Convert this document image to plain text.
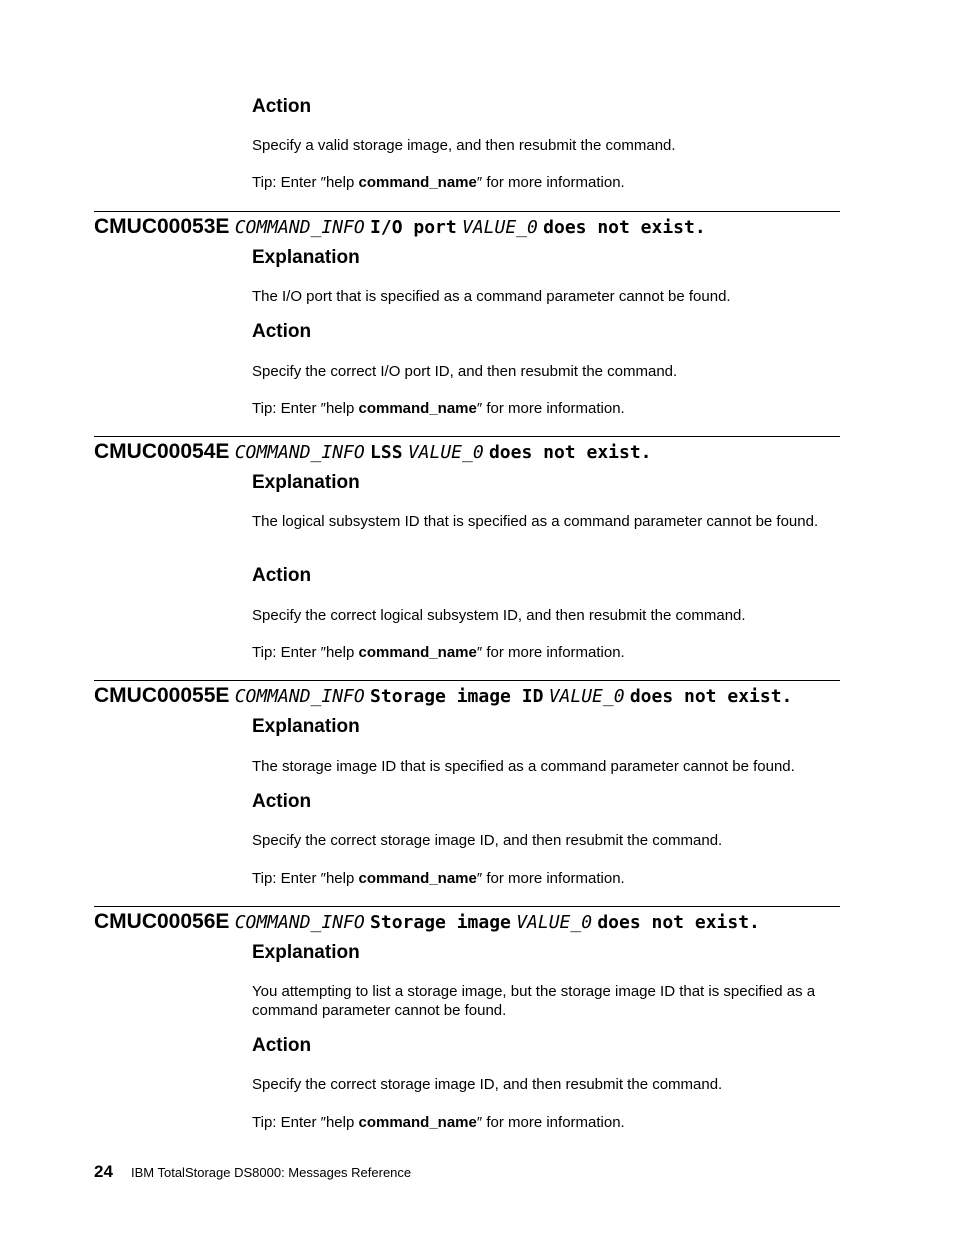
Action
Specify a valid storage image, and then resubmit the command.
Tip: Enter ″help command_name″ for more information.
CMUC00053E COMMAND_INFO I/O port VALUE_0 does not exist.
Explanation
The I/O port that is specified as a command parameter cannot be found.
Action
Specify the correct I/O port ID, and then resubmit the command.
Tip: Enter ″help command_name″ for more information.
CMUC00054E COMMAND_INFO LSS VALUE_0 does not exist.
Explanation
The logical subsystem ID that is specified as a command parameter cannot be found.
Action
Specify the correct logical subsystem ID, and then resubmit the command.
Tip: Enter ″help command_name″ for more information.
CMUC00055E COMMAND_INFO Storage image ID VALUE_0 does not exist.
Explanation
The storage image ID that is specified as a command parameter cannot be found.
Action
Specify the correct storage image ID, and then resubmit the command.
Tip: Enter ″help command_name″ for more information.
CMUC00056E COMMAND_INFO Storage image VALUE_0 does not exist.
Explanation
You attempting to list a storage image, but the storage image ID that is specified as a command parameter cannot be found.
Action
Specify the correct storage image ID, and then resubmit the command.
Tip: Enter ″help command_name″ for more information.
24 IBM TotalStorage DS8000: Messages Reference
